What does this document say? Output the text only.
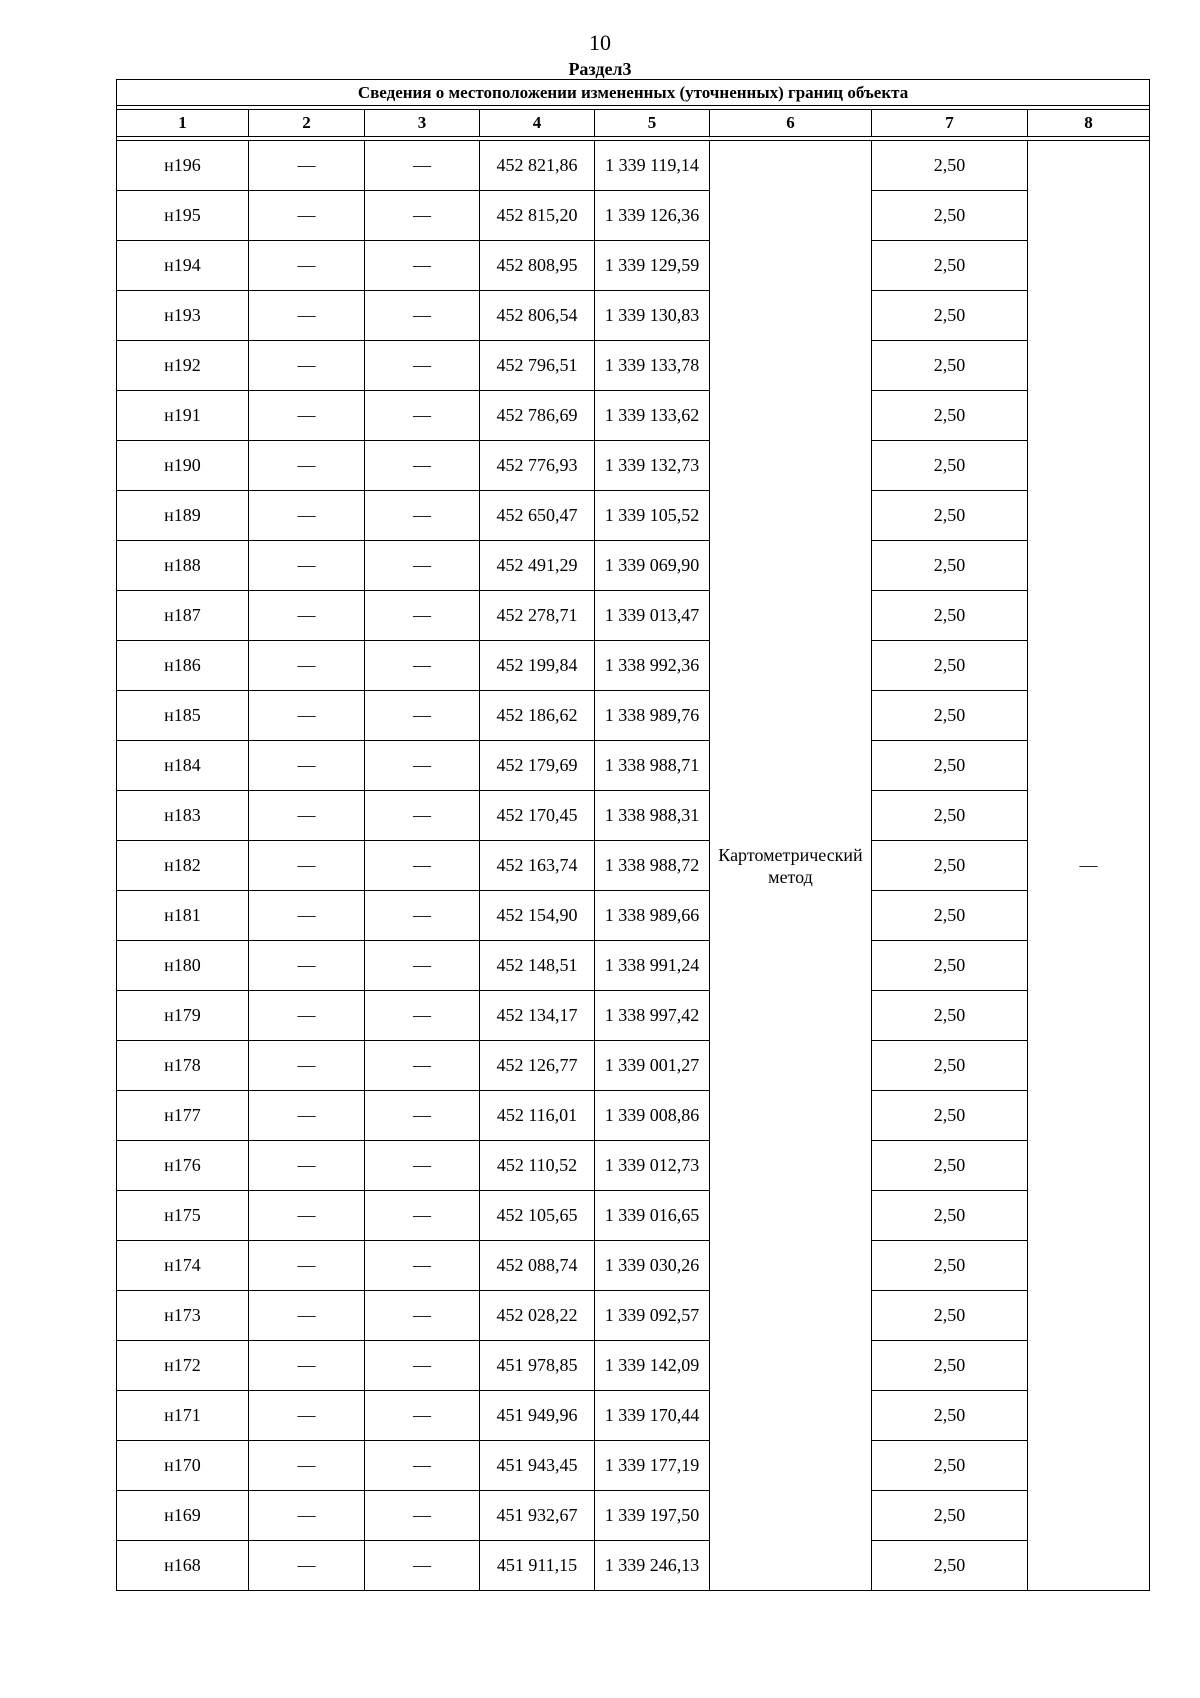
10
Раздел3
Сведения о местоположении измененных (уточненных) границ объекта							

1	2	3	4	5	6	7	8

н196	—	—	452 821,86	1 339 119,14	Картометрический метод	2,50	—
н195	—	—	452 815,20	1 339 126,36		2,50	
н194	—	—	452 808,95	1 339 129,59		2,50	
н193	—	—	452 806,54	1 339 130,83		2,50	
н192	—	—	452 796,51	1 339 133,78		2,50	
н191	—	—	452 786,69	1 339 133,62		2,50	
н190	—	—	452 776,93	1 339 132,73		2,50	
н189	—	—	452 650,47	1 339 105,52		2,50	
н188	—	—	452 491,29	1 339 069,90		2,50	
н187	—	—	452 278,71	1 339 013,47		2,50	
н186	—	—	452 199,84	1 338 992,36		2,50	
н185	—	—	452 186,62	1 338 989,76		2,50	
н184	—	—	452 179,69	1 338 988,71		2,50	
н183	—	—	452 170,45	1 338 988,31		2,50	
н182	—	—	452 163,74	1 338 988,72		2,50	
н181	—	—	452 154,90	1 338 989,66		2,50	
н180	—	—	452 148,51	1 338 991,24		2,50	
н179	—	—	452 134,17	1 338 997,42		2,50	
н178	—	—	452 126,77	1 339 001,27		2,50	
н177	—	—	452 116,01	1 339 008,86		2,50	
н176	—	—	452 110,52	1 339 012,73		2,50	
н175	—	—	452 105,65	1 339 016,65		2,50	
н174	—	—	452 088,74	1 339 030,26		2,50	
н173	—	—	452 028,22	1 339 092,57		2,50	
н172	—	—	451 978,85	1 339 142,09		2,50	
н171	—	—	451 949,96	1 339 170,44		2,50	
н170	—	—	451 943,45	1 339 177,19		2,50	
н169	—	—	451 932,67	1 339 197,50		2,50	
н168	—	—	451 911,15	1 339 246,13		2,50	
